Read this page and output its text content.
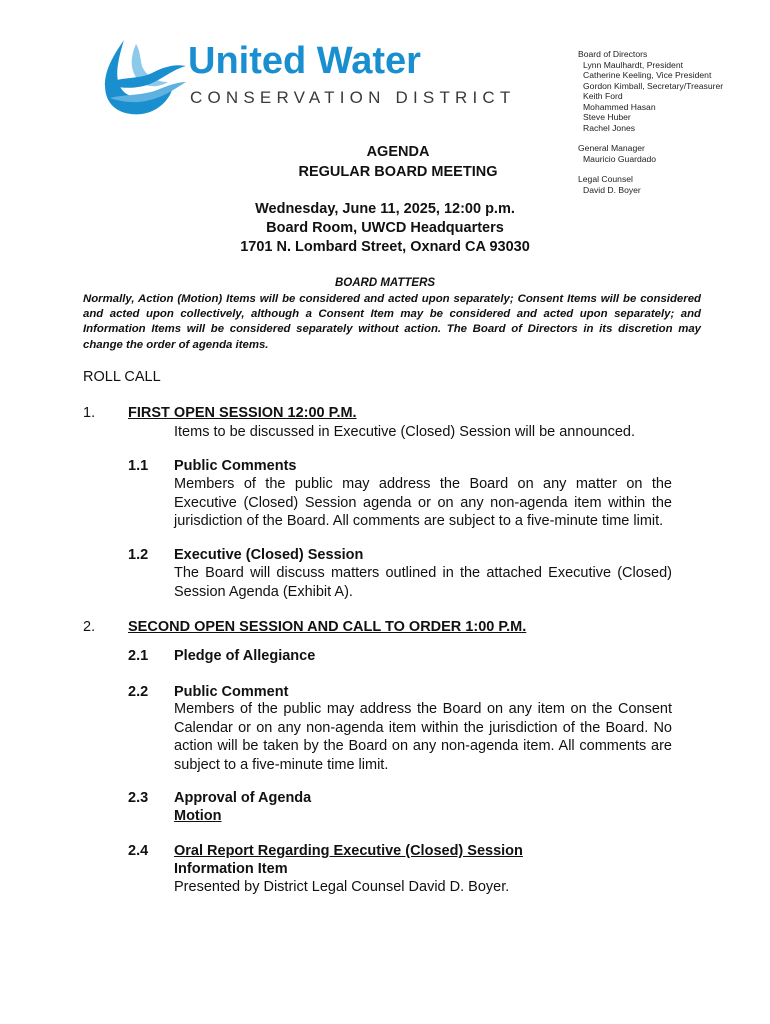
United Water
CONSERVATION DISTRICT
Board of Directors
Lynn Maulhardt, President
Catherine Keeling, Vice President
Gordon Kimball, Secretary/Treasurer
Keith Ford
Mohammed Hasan
Steve Huber
Rachel Jones
General Manager
Mauricio Guardado
Legal Counsel
David D. Boyer
AGENDA
REGULAR BOARD MEETING
Wednesday, June 11, 2025, 12:00 p.m.
Board Room, UWCD Headquarters
1701 N. Lombard Street, Oxnard CA 93030
BOARD MATTERS
Normally, Action (Motion) Items will be considered and acted upon separately; Consent Items will be considered and acted upon collectively, although a Consent Item may be considered and acted upon separately; and Information Items will be considered separately without action. The Board of Directors in its discretion may change the order of agenda items.
ROLL CALL
1. FIRST OPEN SESSION 12:00 P.M.
Items to be discussed in Executive (Closed) Session will be announced.
1.1 Public Comments
Members of the public may address the Board on any matter on the Executive (Closed) Session agenda or on any non-agenda item within the jurisdiction of the Board. All comments are subject to a five-minute time limit.
1.2 Executive (Closed) Session
The Board will discuss matters outlined in the attached Executive (Closed) Session Agenda (Exhibit A).
2. SECOND OPEN SESSION AND CALL TO ORDER 1:00 P.M.
2.1 Pledge of Allegiance
2.2 Public Comment
Members of the public may address the Board on any item on the Consent Calendar or on any non-agenda item within the jurisdiction of the Board. No action will be taken by the Board on any non-agenda item. All comments are subject to a five-minute time limit.
2.3 Approval of Agenda
Motion
2.4 Oral Report Regarding Executive (Closed) Session
Information Item
Presented by District Legal Counsel David D. Boyer.
